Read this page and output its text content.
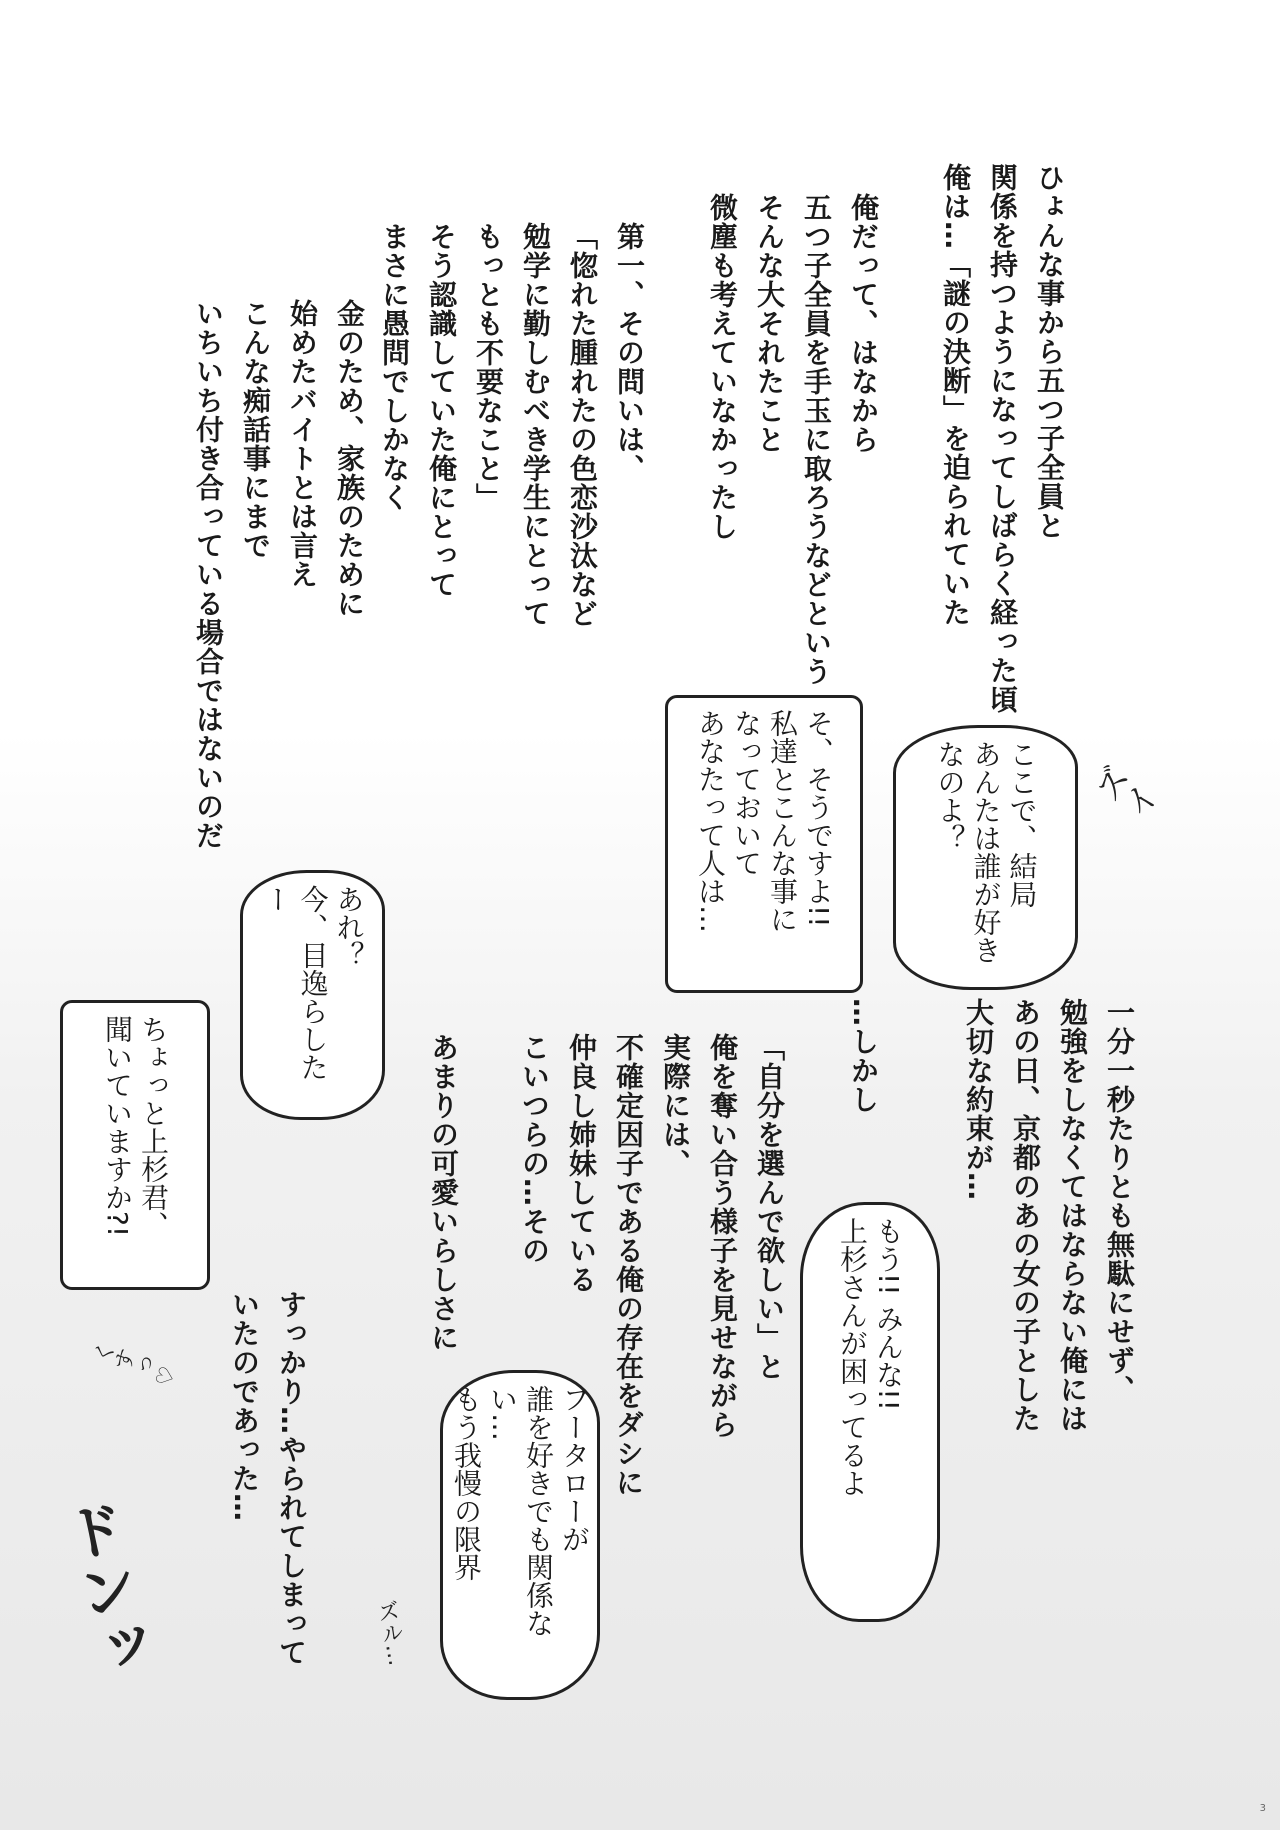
ひょんな事から五つ子全員と
関係を持つようになってしばらく経った頃
俺は…「謎の決断」を迫られていた
俺だって、はなから
五つ子全員を手玉に取ろうなどという
そんな大それたこと
微塵も考えていなかったし
第一、その問いは、
「惚れた腫れたの色恋沙汰など
勉学に勤しむべき学生にとって
もっとも不要なこと」
そう認識していた俺にとって
まさに愚問でしかなく
金のため、家族のために
始めたバイトとは言え
こんな痴話事にまで
いちいち付き合っている場合ではないのだ
一分一秒たりとも無駄にせず、
勉強をしなくてはならない俺には
あの日、京都のあの女の子とした
大切な約束が…
…しかし
「自分を選んで欲しい」と
俺を奪い合う様子を見せながら
実際には、
不確定因子である俺の存在をダシに
仲良し姉妹している
こいつらの…その
あまりの可愛いらしさに
すっかり…やられてしまって
いたのであった…
ここで、結局
あんたは誰が好きなのよ？
そ、そうですよ!!
私達とこんな事に
なっておいて
あなたって人は…
あれ？
今、目逸らしたー
ちょっと上杉君、
聞いていますか?!
フータローが
誰を好きでも関係ない…
もう我慢の限界
もう!! みんな!!
上杉さんが困ってるよ
ズイ
くすっ♡
ズル…
ドンッ
3
